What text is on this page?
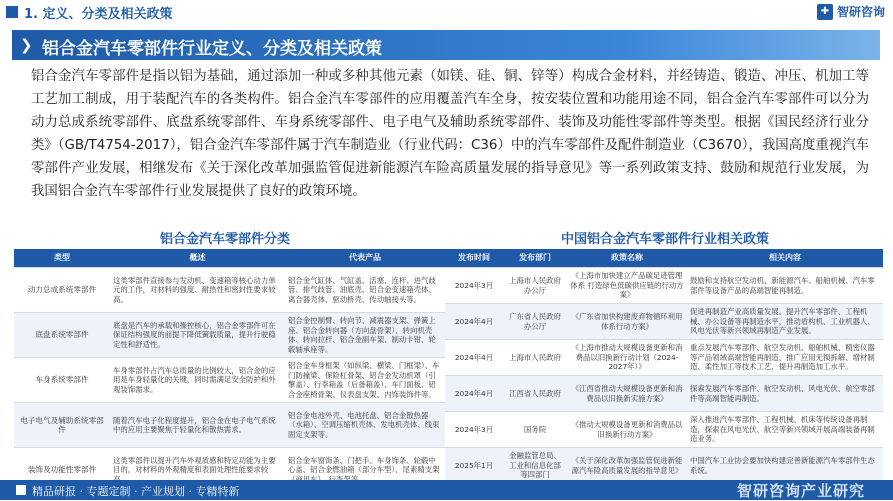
1. 定义、分类及相关政策	✚ 智研咨询
❯ 铝合金汽车零部件行业定义、分类及相关政策
铝合金汽车零部件是指以铝为基础，通过添加一种或多种其他元素（如镁、硅、铜、锌等）构成合金材料，并经铸造、锻造、冲压、机加工等工艺加工制成，用于装配汽车的各类构件。铝合金汽车零部件的应用覆盖汽车全身，按安装位置和功能用途不同，铝合金汽车零部件可以分为动力总成系统零部件、底盘系统零部件、车身系统零部件、电子电气及辅助系统零部件、装饰及功能性零部件等类型。根据《国民经济行业分类》（GB/T4754-2017），铝合金汽车零部件属于汽车制造业（行业代码：C36）中的汽车零部件及配件制造业（C3670），我国高度重视汽车零部件产业发展，相继发布《关于深化改革加强监管促进新能源汽车险高质量发展的指导意见》等一系列政策支持、鼓励和规范行业发展，为我国铝合金汽车零部件行业发展提供了良好的政策环境。
铝合金汽车零部件分类	中国铝合金汽车零部件行业相关政策
类型	概述	代表产品
动力总成系统零部件	这类零部件直接参与发动机、变速箱等核心动力单元的工作，对材料的强度、耐热性和密封性要求较高。	铝合金气缸体、气缸盖、活塞、连杆、进气歧管、排气歧管、油底壳、铝合金变速箱壳体、离合器壳体、驱动桥壳、传动轴接头等。
底盘系统零部件	底盘是汽车的承载和操控核心，铝合金零部件可在保证结构强度的前提下降低簧载质量，提升行驶稳定性和舒适性。	铝合金控制臂、转向节、减震器支架、弹簧上座、铝合金转向器（方向盘骨架）、转向机壳体、转向拉杆、铝合金副车架、制动卡钳、轮毂轴承座等。
车身系统零部件	车身零部件占汽车总质量的比例较大，铝合金的应用是车身轻量化的关键，同时需满足安全防护和外观装饰需求。	铝合金车身框架（如纵梁、横梁、门框梁）、车门防撞梁、保险杠骨架、铝合金发动机罩（引擎盖）、行李箱盖（后备箱盖）、车门面板、铝合金座椅骨架、仪表盘支架、内饰装饰件等。
电子电气及辅助系统零部件	随着汽车电子化程度提升，铝合金在电子电气系统中的应用主要聚焦于轻量化和散热需求。	铝合金电池外壳、电池托盘、铝合金散热器（水箱）、空调压缩机壳体、发电机壳体、线束固定支架等。
装饰及功能性零部件	这类零部件以提升汽车外观质感和特定功能为主要目的，对材料的外观精度和表面处理性能要求较	铝合金车窗饰条、门把手、车身饰条、轮毂中心盖、铝合金燃油箱（部分车型）、尾素精支架
发布时间	发布部门	政策名称	相关内容
2024年3月	上海市人民政府办公厅	《上海市加快建立产品碳足迹管理体系 打造绿色低碳供应链的行动方案》	鼓励和支持航空发动机、新能源汽车、船舶机械、汽车零部件等设备产品的高端智能再制造。
2024年4月	广东省人民政府办公厅	《广东省加快构建废弃物循环利用体系行动方案》	促进再制造产业高质量发展。提升汽车零部件、工程机械、办公设备等再制造水平，推动盾构机、工业机器人、风电光伏等新兴领域再制造产业发展。
2024年4月	上海市人民政府	《上海市推动大规模设备更新和消费品以旧换新行动计划（2024-2027年）》	重点发展汽车零部件、航空发动机、船舶机械、精密仪器等产品领域高端智能再制造，推广应用无损拆解、增材制造、柔性加工等技术工艺，提升再制造加工水平。
2024年4月	江西省人民政府	《江西省推动大规模设备更新和消费品以旧换新实施方案》	探索发展汽车零部件、航空发动机、风电光伏、航空零部件等高端智能再制造。
2024年3月	国务院	《推动大规模设备更新和消费品以旧换新行动方案》	深入推进汽车零部件、工程机械、机床等传统设备再制造，探索在风电光伏、航空等新兴领域开展高端装备再制造业务。
2025年1月	金融监管总局、工业和信息化部等四部门	《关于深化改革加强监管促进新能源汽车险高质量发展的指导意见》	中国汽车工业协会要加快构建完善新能源汽车零部件生态系统。
精品研报 · 专题定制 · 产业规划 · 专精特新	智研咨询产业研究
